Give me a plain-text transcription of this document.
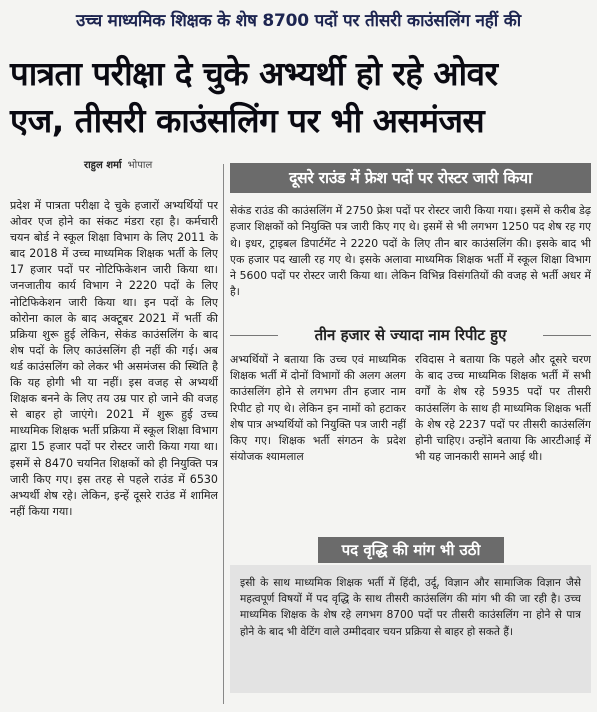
उच्च माध्यमिक शिक्षक के शेष 8700 पदों पर तीसरी काउंसलिंग नहीं की
पात्रता परीक्षा दे चुके अभ्यर्थी हो रहे ओवर
एज, तीसरी काउंसलिंग पर भी असमंजस
राहुल शर्मा भोपाल
प्रदेश में पात्रता परीक्षा दे चुके हजारों अभ्यर्थियों पर ओवर एज होने का संकट मंडरा रहा है। कर्मचारी चयन बोर्ड ने स्कूल शिक्षा विभाग के लिए 2011 के बाद 2018 में उच्च माध्यमिक शिक्षक भर्ती के लिए 17 हजार पदों पर नोटिफिकेशन जारी किया था। जनजातीय कार्य विभाग ने 2220 पदों के लिए नोटिफिकेशन जारी किया था। इन पदों के लिए कोरोना काल के बाद अक्टूबर 2021 में भर्ती की प्रक्रिया शुरू हुई लेकिन, सेकंड काउंसलिंग के बाद शेष पदों के लिए काउंसलिंग ही नहीं की गई। अब थर्ड काउंसलिंग को लेकर भी असमंजस की स्थिति है कि यह होगी भी या नहीं। इस वजह से अभ्यर्थी शिक्षक बनने के लिए तय उम्र पार हो जाने की वजह से बाहर हो जाएंगे। 2021 में शुरू हुई उच्च माध्यमिक शिक्षक भर्ती प्रक्रिया में स्कूल शिक्षा विभाग द्वारा 15 हजार पदों पर रोस्टर जारी किया गया था। इसमें से 8470 चयनित शिक्षकों को ही नियुक्ति पत्र जारी किए गए। इस तरह से पहले राउंड में 6530 अभ्यर्थी शेष रहे। लेकिन, इन्हें दूसरे राउंड में शामिल नहीं किया गया।
दूसरे राउंड में फ्रेश पदों पर रोस्टर जारी किया
सेकंड राउंड की काउंसलिंग में 2750 फ्रेश पदों पर रोस्टर जारी किया गया। इसमें से करीब डेढ़ हजार शिक्षकों को नियुक्ति पत्र जारी किए गए थे। इसमें से भी लगभग 1250 पद शेष रह गए थे। इधर, ट्राइबल डिपार्टमेंट ने 2220 पदों के लिए तीन बार काउंसलिंग की। इसके बाद भी एक हजार पद खाली रह गए थे। इसके अलावा माध्यमिक शिक्षक भर्ती में स्कूल शिक्षा विभाग ने 5600 पदों पर रोस्टर जारी किया था। लेकिन विभिन्न विसंगतियों की वजह से भर्ती अधर में है।
तीन हजार से ज्यादा नाम रिपीट हुए
अभ्यर्थियों ने बताया कि उच्च एवं माध्यमिक शिक्षक भर्ती में दोनों विभागों की अलग अलग काउंसलिंग होने से लगभग तीन हजार नाम रिपीट हो गए थे। लेकिन इन नामों को हटाकर शेष पात्र अभ्यर्थियों को नियुक्ति पत्र जारी नहीं किए गए। शिक्षक भर्ती संगठन के प्रदेश संयोजक श्यामलाल
रविदास ने बताया कि पहले और दूसरे चरण के बाद उच्च माध्यमिक शिक्षक भर्ती में सभी वर्गों के शेष रहे 5935 पदों पर तीसरी काउंसलिंग के साथ ही माध्यमिक शिक्षक भर्ती के शेष रहे 2237 पदों पर तीसरी काउंसलिंग होनी चाहिए। उन्होंने बताया कि आरटीआई में भी यह जानकारी सामने आई थी।
पद वृद्धि की मांग भी उठी
इसी के साथ माध्यमिक शिक्षक भर्ती में हिंदी, उर्दू, विज्ञान और सामाजिक विज्ञान जैसे महत्वपूर्ण विषयों में पद वृद्धि के साथ तीसरी काउंसलिंग की मांग भी की जा रही है। उच्च माध्यमिक शिक्षक के शेष रहे लगभग 8700 पदों पर तीसरी काउंसलिंग ना होने से पात्र होने के बाद भी वेटिंग वाले उम्मीदवार चयन प्रक्रिया से बाहर हो सकते हैं।
